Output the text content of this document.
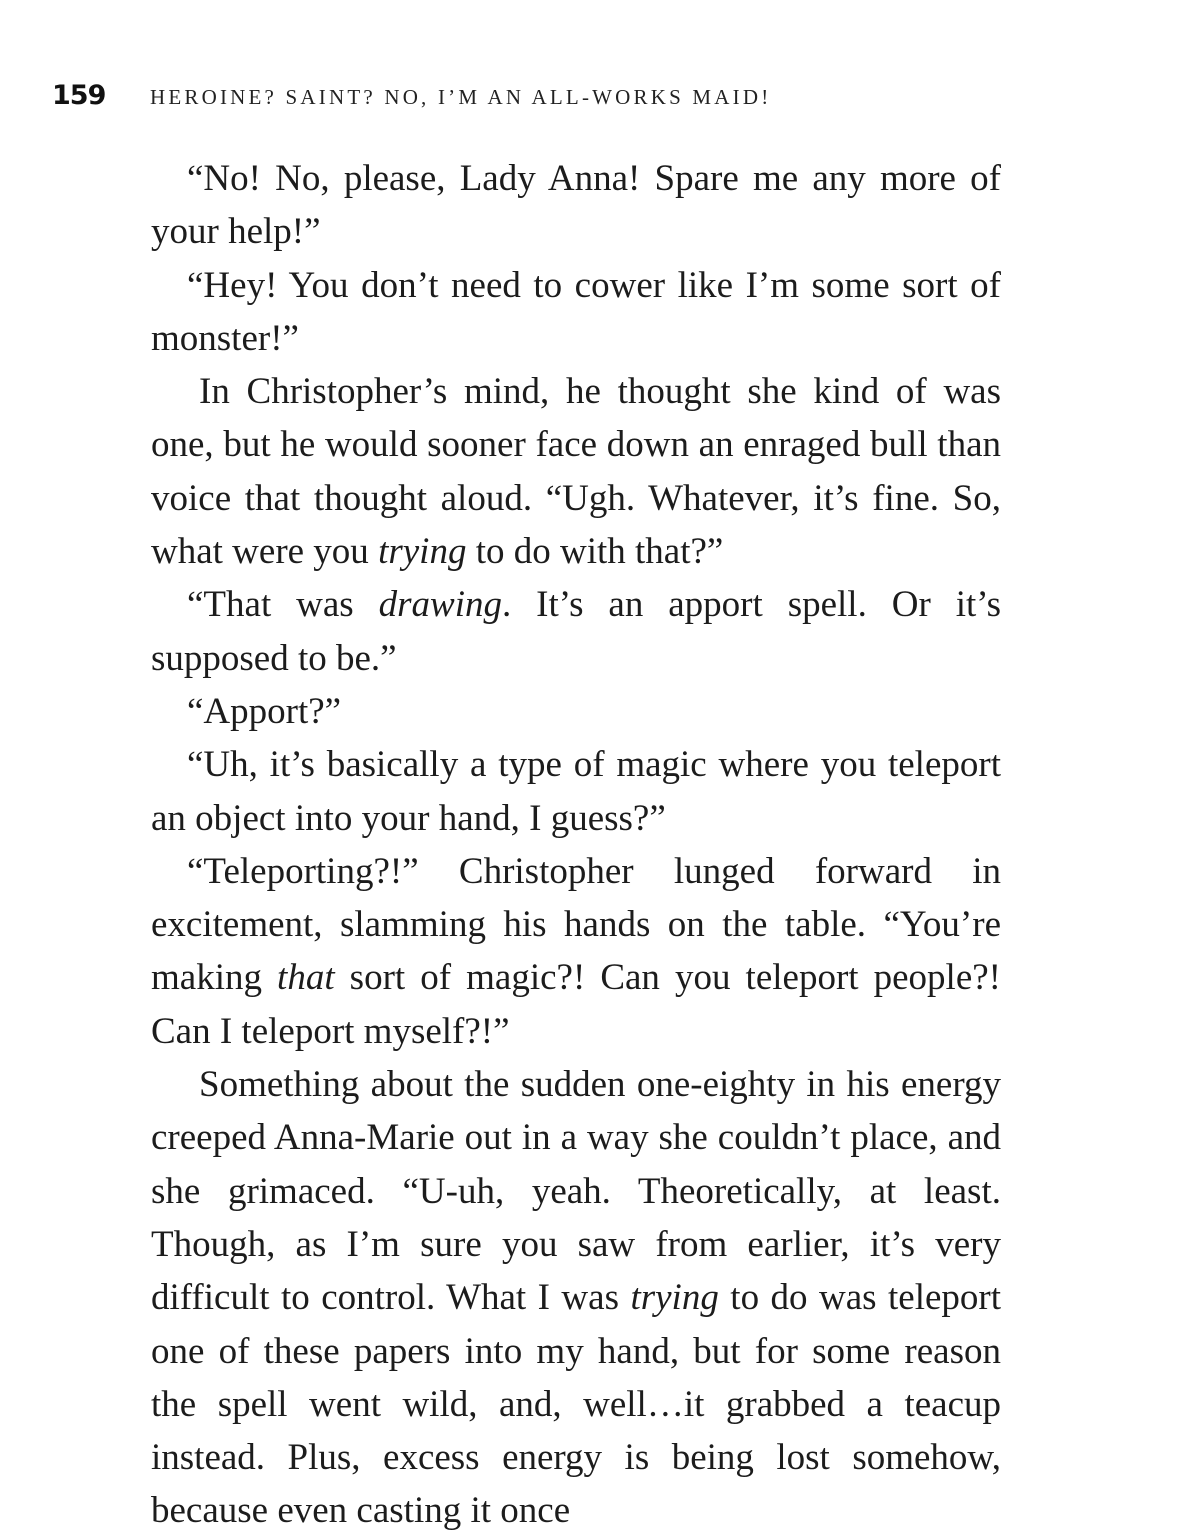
159	HEROINE? SAINT? NO, I’M AN ALL-WORKS MAID!

“No! No, please, Lady Anna! Spare me any more of your help!”

“Hey! You don’t need to cower like I’m some sort of monster!”

In Christopher’s mind, he thought she kind of was one, but he would sooner face down an enraged bull than voice that thought aloud. “Ugh. Whatever, it’s fine. So, what were you trying to do with that?”

“That was drawing. It’s an apport spell. Or it’s supposed to be.”

“Apport?”

“Uh, it’s basically a type of magic where you teleport an object into your hand, I guess?”

“Teleporting?!” Christopher lunged forward in excitement, slamming his hands on the table. “You’re making that sort of magic?! Can you teleport people?! Can I teleport myself?!”

Something about the sudden one-eighty in his energy creeped Anna-Marie out in a way she couldn’t place, and she grimaced. “U-uh, yeah. Theoretically, at least. Though, as I’m sure you saw from earlier, it’s very difficult to control. What I was trying to do was teleport one of these papers into my hand, but for some reason the spell went wild, and, well…it grabbed a teacup instead. Plus, excess energy is being lost somehow, because even casting it once
